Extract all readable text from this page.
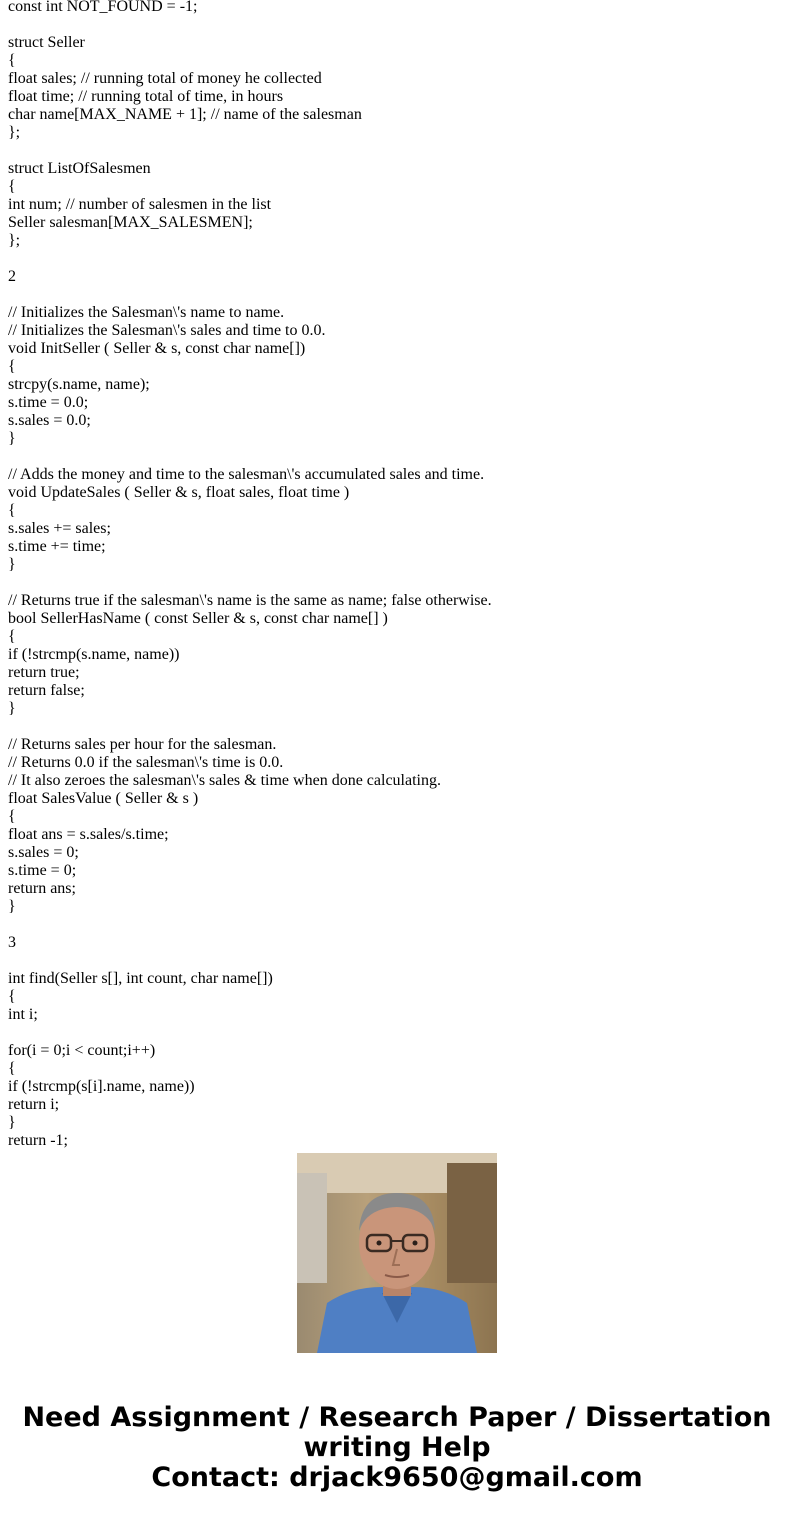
const int NOT_FOUND = -1;
struct Seller
{
float sales; // running total of money he collected
float time; // running total of time, in hours
char name[MAX_NAME + 1]; // name of the salesman
};
struct ListOfSalesmen
{
int num; // number of salesmen in the list
Seller salesman[MAX_SALESMEN];
};
2
// Initializes the Salesman\'s name to name.
// Initializes the Salesman\'s sales and time to 0.0.
void InitSeller ( Seller & s, const char name[])
{
strcpy(s.name, name);
s.time = 0.0;
s.sales = 0.0;
}
// Adds the money and time to the salesman\'s accumulated sales and time.
void UpdateSales ( Seller & s, float sales, float time )
{
s.sales += sales;
s.time += time;
}
// Returns true if the salesman\'s name is the same as name; false otherwise.
bool SellerHasName ( const Seller & s, const char name[] )
{
if (!strcmp(s.name, name))
return true;
return false;
}
// Returns sales per hour for the salesman.
// Returns 0.0 if the salesman\'s time is 0.0.
// It also zeroes the salesman\'s sales & time when done calculating.
float SalesValue ( Seller & s )
{
float ans = s.sales/s.time;
s.sales = 0;
s.time = 0;
return ans;
}
3
int find(Seller s[], int count, char name[])
{
int i;
for(i = 0;i < count;i++)
{
if (!strcmp(s[i].name, name))
return i;
}
return -1;
Need Assignment / Research Paper / Dissertation
writing Help
Contact: drjack9650@gmail.com
